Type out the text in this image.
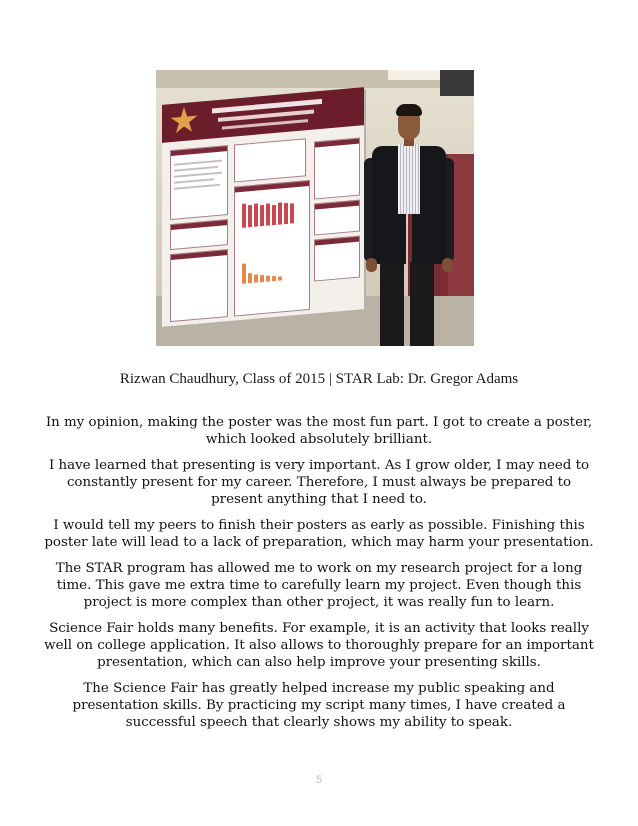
Rizwan Chaudhury, Class of 2015 | STAR Lab: Dr. Gregor Adams

In my opinion, making the poster was the most fun part. I got to create a poster, which looked absolutely brilliant.

I have learned that presenting is very important. As I grow older, I may need to constantly present for my career. Therefore, I must always be prepared to present anything that I need to.

I would tell my peers to finish their posters as early as possible. Finishing this poster late will lead to a lack of preparation, which may harm your presentation.

The STAR program has allowed me to work on my research project for a long time. This gave me extra time to carefully learn my project. Even though this project is more complex than other project, it was really fun to learn.

Science Fair holds many benefits. For example, it is an activity that looks really well on college application. It also allows to thoroughly prepare for an important presentation, which can also help improve your presenting skills.

The Science Fair has greatly helped increase my public speaking and presentation skills. By practicing my script many times, I have created a successful speech that clearly shows my ability to speak.

5
